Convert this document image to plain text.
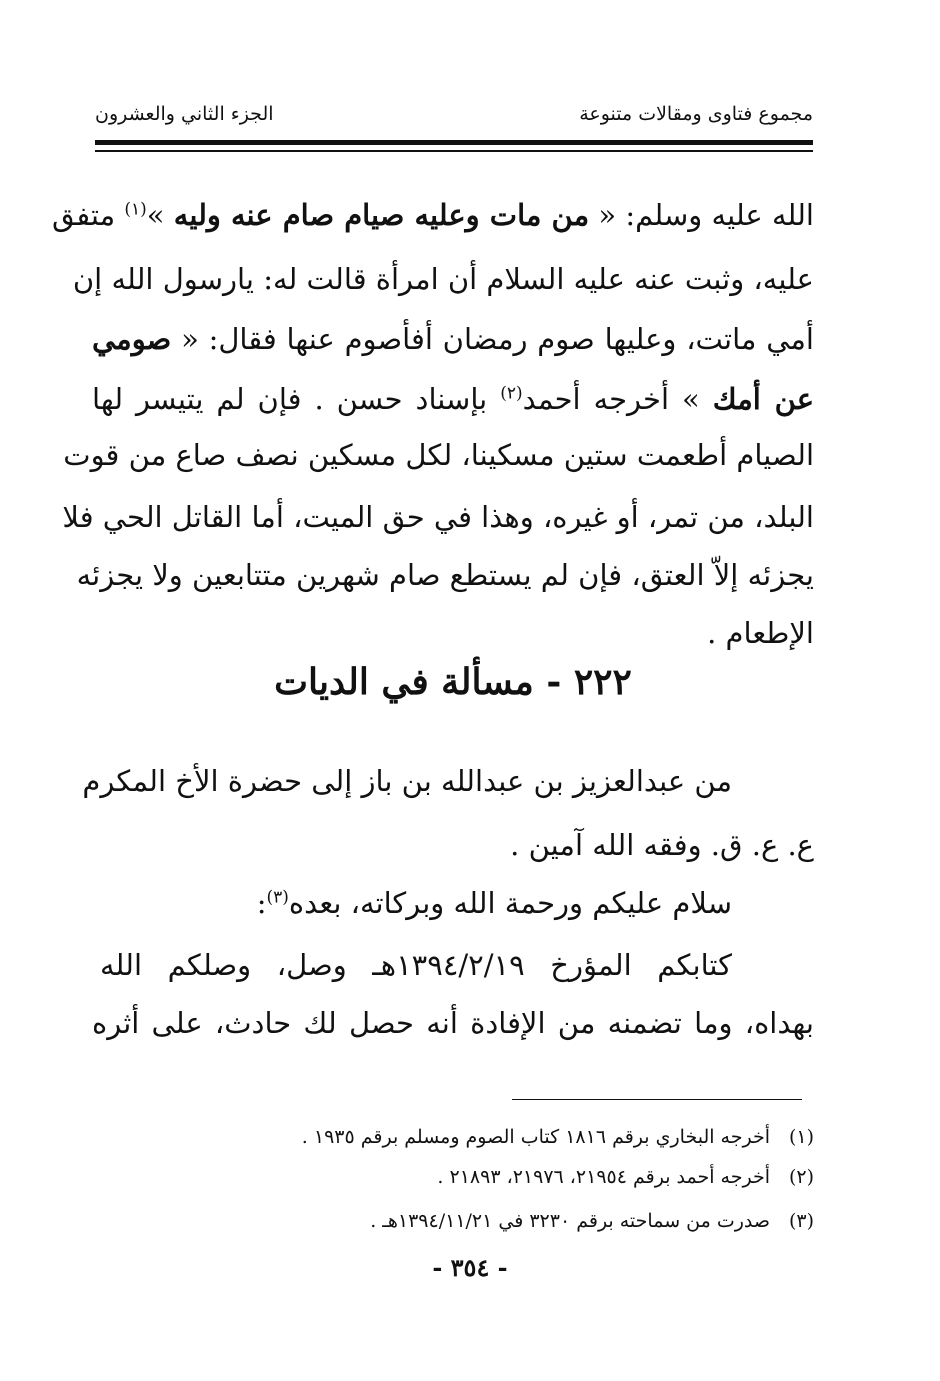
مجموع فتاوى ومقالات متنوعة
الجزء الثاني والعشرون
الله عليه وسلم: « من مات وعليه صيام صام عنه وليه »$^{(١)}$ متفق
عليه، وثبت عنه عليه السلام أن امرأة قالت له: يارسول الله إن
أمي ماتت، وعليها صوم رمضان أفأصوم عنها فقال: « صومي
عن أمك » أخرجه أحمد$^{(٢)}$ بإسناد حسن . فإن لم يتيسر لها
الصيام أطعمت ستين مسكينا، لكل مسكين نصف صاع من قوت
البلد، من تمر، أو غيره، وهذا في حق الميت، أما القاتل الحي فلا
يجزئه إلاّ العتق، فإن لم يستطع صام شهرين متتابعين ولا يجزئه
الإطعام .
٢٢٢ - مسألة في الديات
من عبدالعزيز بن عبدالله بن باز إلى حضرة الأخ المكرم
ع. ع. ق. وفقه الله آمين .
سلام عليكم ورحمة الله وبركاته، بعده$^{(٣)}$:
كتابكم المؤرخ ١٣٩٤/٢/١٩هـ وصل، وصلكم الله
بهداه، وما تضمنه من الإفادة أنه حصل لك حادث، على أثره
(١)أخرجه البخاري برقم ١٨١٦ كتاب الصوم ومسلم برقم ١٩٣٥ .
(٢)أخرجه أحمد برقم ٢١٩٥٤، ٢١٩٧٦، ٢١٨٩٣ .
(٣)صدرت من سماحته برقم ٣٢٣٠ في ١٣٩٤/١١/٢١هـ .
- ٣٥٤ -
